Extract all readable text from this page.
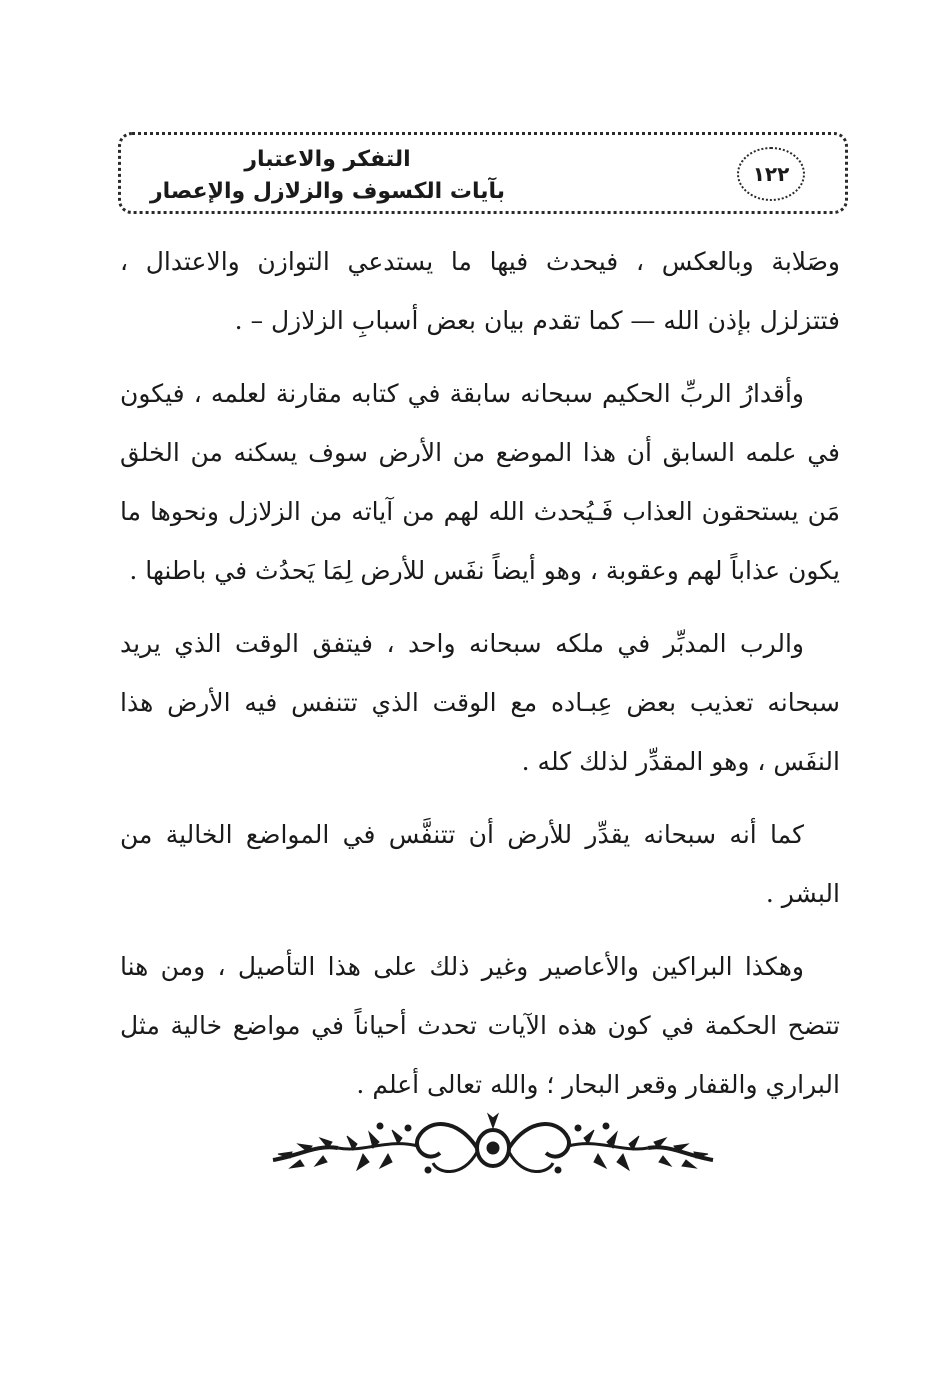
التفكر والاعتبار
بآيات الكسوف والزلازل والإعصار
١٢٢

وصَلابة وبالعكس ، فيحدث فيها ما يستدعي التوازن والاعتدال ، فتتزلزل بإذن الله — كما تقدم بيان بعض أسبابِ الزلازل – .

وأقدارُ الربِّ الحكيم سبحانه سابقة في كتابه مقارنة لعلمه ، فيكون في علمه السابق أن هذا الموضع من الأرض سوف يسكنه من الخلق مَن يستحقون العذاب فَـيُحدث الله لهم من آياته من الزلازل ونحوها ما يكون عذاباً لهم وعقوبة ، وهو أيضاً نفَس للأرض لِمَا يَحدُث في باطنها .

والرب المدبِّر في ملكه سبحانه واحد ، فيتفق الوقت الذي يريد سبحانه تعذيب بعض عِبـاده مع الوقت الذي تتنفس فيه الأرض هذا النفَس ، وهو المقدِّر لذلك كله .

كما أنه سبحانه يقدِّر للأرض أن تتنفَّس في المواضع الخالية من البشر .

وهكذا البراكين والأعاصير وغير ذلك على هذا التأصيل ، ومن هنا تتضح الحكمة في كون هذه الآيات تحدث أحياناً في مواضع خالية مثل البراري والقفار وقعر البحار ؛ والله تعالى أعلم .
